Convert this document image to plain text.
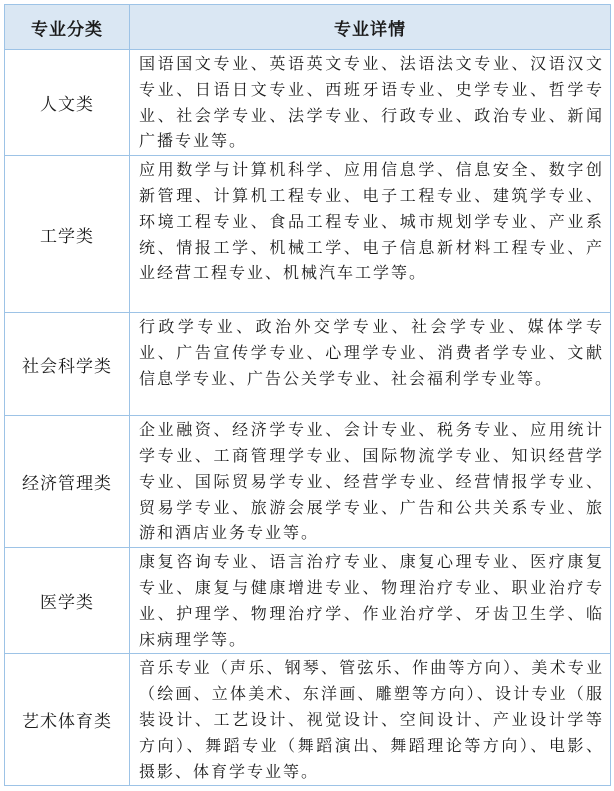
专业分类	专业详情
人文类	国语国文专业、英语英文专业、法语法文专业、汉语汉文专业、日语日文专业、西班牙语专业、史学专业、哲学专业、社会学专业、法学专业、行政专业、政治专业、新闻广播专业等。
工学类	应用数学与计算机科学、应用信息学、信息安全、数字创新管理、计算机工程专业、电子工程专业、建筑学专业、环境工程专业、食品工程专业、城市规划学专业、产业系统、情报工学、机械工学、电子信息新材料工程专业、产业经营工程专业、机械汽车工学等。
社会科学类	行政学专业、政治外交学专业、社会学专业、媒体学专业、广告宣传学专业、心理学专业、消费者学专业、文献信息学专业、广告公关学专业、社会福利学专业等。
经济管理类	企业融资、经济学专业、会计专业、税务专业、应用统计学专业、工商管理学专业、国际物流学专业、知识经营学专业、国际贸易学专业、经营学专业、经营情报学专业、贸易学专业、旅游会展学专业、广告和公共关系专业、旅游和酒店业务专业等。
医学类	康复咨询专业、语言治疗专业、康复心理专业、医疗康复专业、康复与健康增进专业、物理治疗专业、职业治疗专业、护理学、物理治疗学、作业治疗学、牙齿卫生学、临床病理学等。
艺术体育类	音乐专业（声乐、钢琴、管弦乐、作曲等方向）、美术专业（绘画、立体美术、东洋画、雕塑等方向）、设计专业（服装设计、工艺设计、视觉设计、空间设计、产业设计学等方向）、舞蹈专业（舞蹈演出、舞蹈理论等方向）、电影、摄影、体育学专业等。
